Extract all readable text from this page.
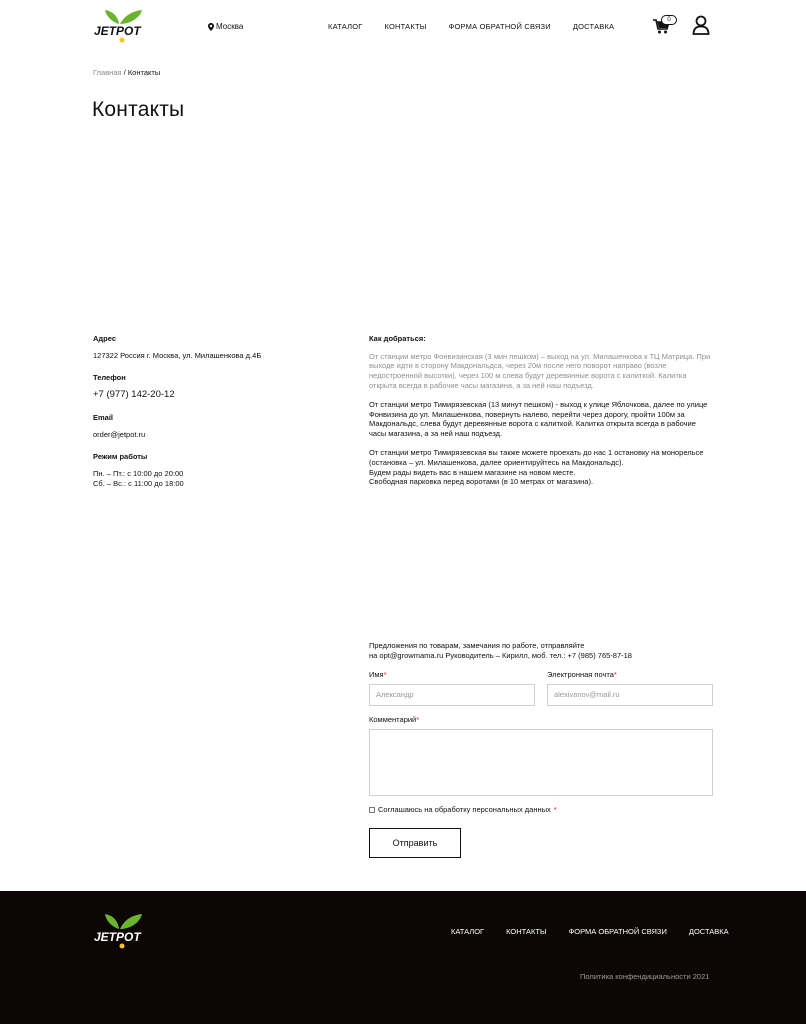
JETPOT	Москва	КАТАЛОГ	КОНТАКТЫ	ФОРМА ОБРАТНОЙ СВЯЗИ	ДОСТАВКА
0
Главная / Контакты
Контакты
Адрес
127322 Россия г. Москва, ул. Милашенкова д.4Б
Телефон
+7 (977) 142-20-12
Email
order@jetpot.ru
Режим работы
Пн. – Пт.: с 10:00 до 20:00
Сб. – Вс.: с 11:00 до 18:00
Как добраться:

От станции метро Фонвизинская (3 мин пешком) – выход на ул. Милашенкова к ТЦ Матрица. При выходе идти в сторону Макдональдса, через 20м после него поворот направо (возле недостроенной высотки), через 100 м слева будут деревянные ворота с калиткой. Калитка открыта всегда в рабочие часы магазина, а за ней наш подъезд.

От станции метро Тимирязевская (13 минут пешком) - выход к улице Яблочкова, далее по улице Фонвизина до ул. Милашенкова, повернуть налево, перейти через дорогу, пройти 100м за Макдональдс, слева будут деревянные ворота с калиткой. Калитка открыта всегда в рабочие часы магазина, а за ней наш подъезд.

От станции метро Тимирязевская вы также можете проехать до нас 1 остановку на монорельсе (остановка – ул. Милашенкова, далее ориентируйтесь на Макдональдс).
Будем рады видеть вас в нашем магазине на новом месте.
Свободная парковка перед воротами (в 10 метрах от магазина).
Предложения по товарам, замечания по работе, отправляйте
на opt@growmama.ru Руководитель – Кирилл, моб. тел.: +7 (985) 765-87-18
Имя*
Александр
Электронная почта*
alexivanov@mail.ru
Комментарий*
Соглашаюсь на обработку персональных данных *
Отправить
JETPOT	КАТАЛОГ	КОНТАКТЫ	ФОРМА ОБРАТНОЙ СВЯЗИ	ДОСТАВКА
Политика конфендициальности 2021
